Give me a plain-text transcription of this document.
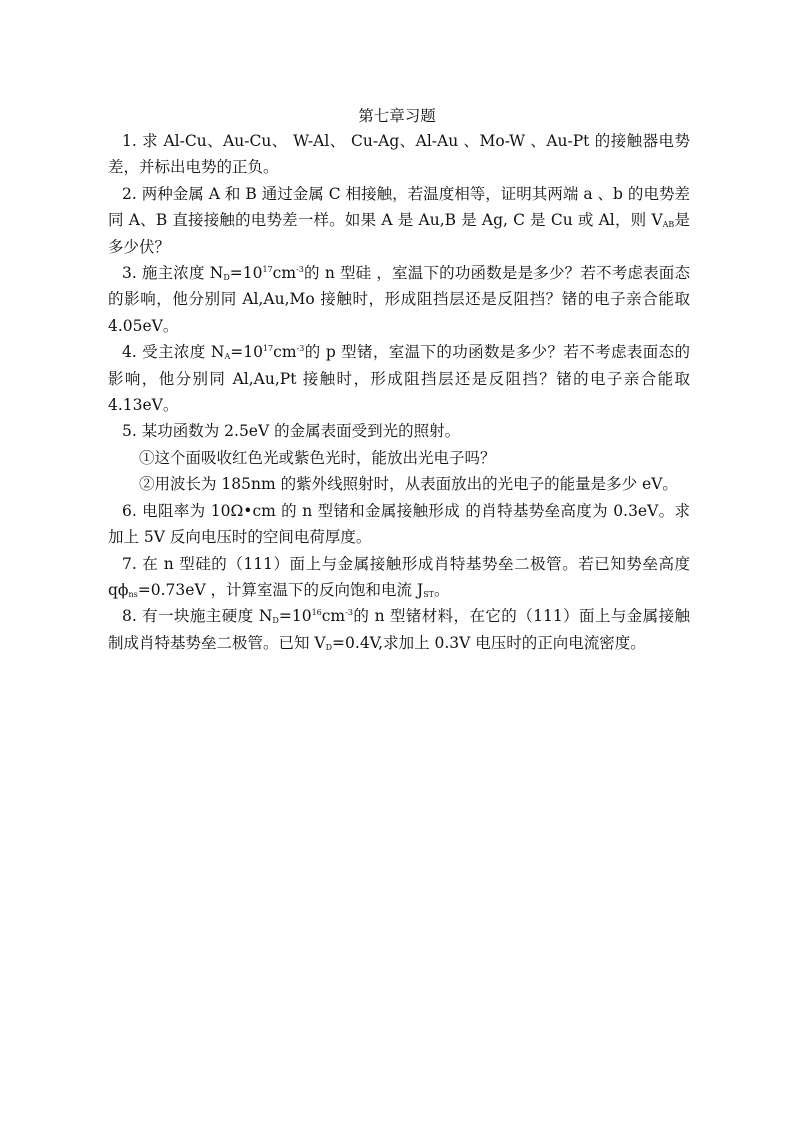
第七章习题

1. 求 Al-Cu、Au-Cu、 W-Al、 Cu-Ag、Al-Au 、Mo-W 、Au-Pt 的接触器电势差，并标出电势的正负。

2. 两种金属 A 和 B 通过金属 C 相接触，若温度相等，证明其两端 a 、b 的电势差同 A、B 直接接触的电势差一样。如果 A 是 Au,B 是 Ag, C 是 Cu 或 Al，则 $V_{AB}$是多少伏？

3. 施主浓度 $N_D=10^{17}cm^{-3}$的 n 型硅 ，室温下的功函数是是多少？若不考虑表面态的影响，他分别同 Al,Au,Mo 接触时，形成阻挡层还是反阻挡？锗的电子亲合能取 4.05eV。

4. 受主浓度 $N_A=10^{17}cm^{-3}$的 p 型锗，室温下的功函数是多少？若不考虑表面态的影响，他分别同 Al,Au,Pt 接触时，形成阻挡层还是反阻挡？锗的电子亲合能取 4.13eV。

5. 某功函数为 2.5eV 的金属表面受到光的照射。

①这个面吸收红色光或紫色光时，能放出光电子吗？

②用波长为 185nm 的紫外线照射时，从表面放出的光电子的能量是多少 eV。

6. 电阻率为 10Ω•cm 的 n 型锗和金属接触形成 的肖特基势垒高度为 0.3eV。求加上 5V 反向电压时的空间电荷厚度。

7. 在 n 型硅的（111）面上与金属接触形成肖特基势垒二极管。若已知势垒高度 $q\phi_{ns}=0.73eV$ ，计算室温下的反向饱和电流 $J_{ST}$。

8. 有一块施主硬度 $N_D=10^{16}cm^{-3}$的 n 型锗材料，在它的（111）面上与金属接触制成肖特基势垒二极管。已知 $V_D=0.4V$,求加上 0.3V 电压时的正向电流密度。
